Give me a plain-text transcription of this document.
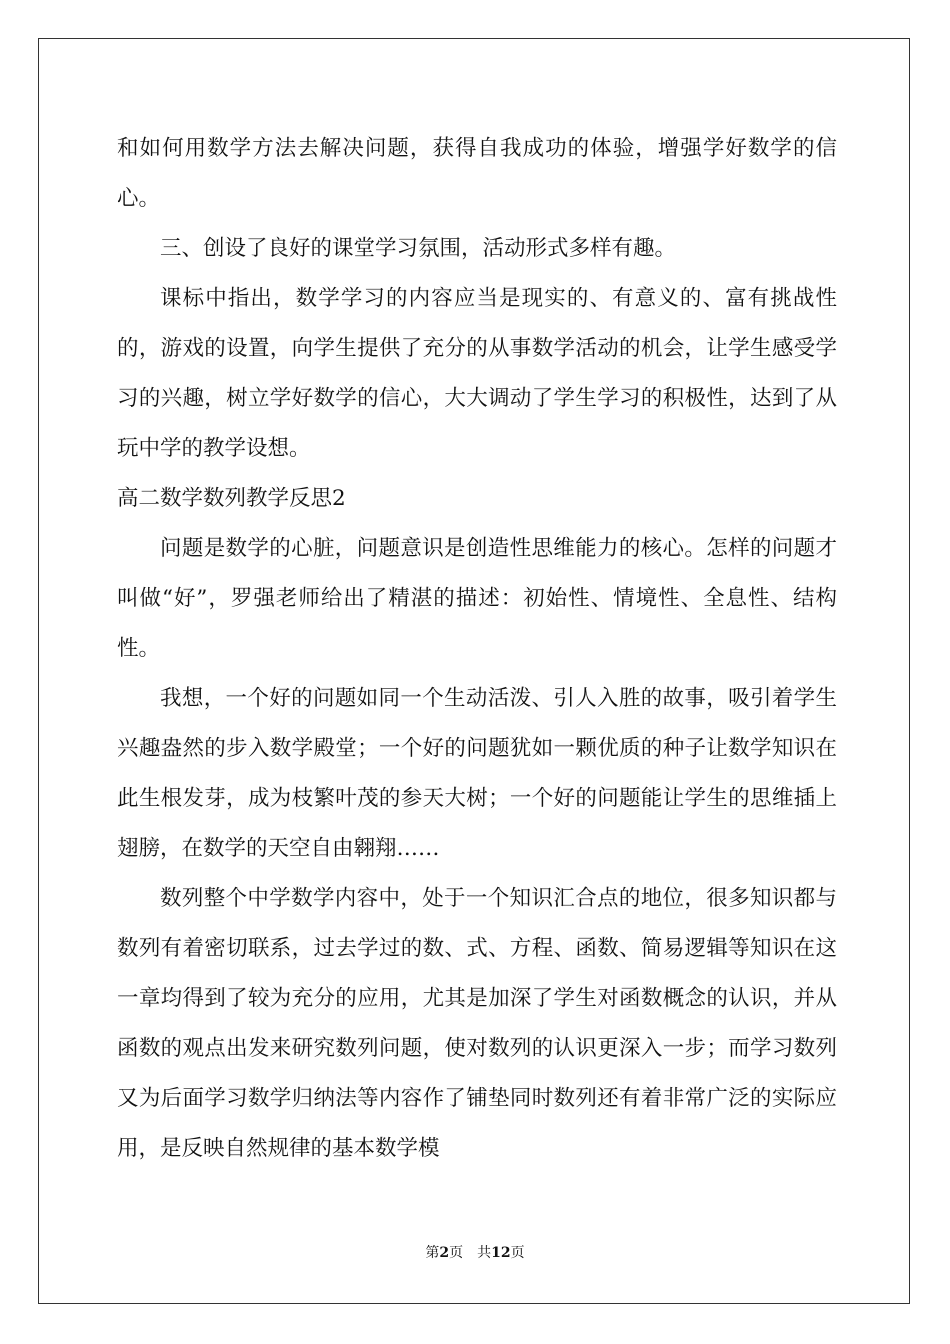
和如何用数学方法去解决问题，获得自我成功的体验，增强学好数学的信心。

三、创设了良好的课堂学习氛围，活动形式多样有趣。

课标中指出，数学学习的内容应当是现实的、有意义的、富有挑战性的，游戏的设置，向学生提供了充分的从事数学活动的机会，让学生感受学习的兴趣，树立学好数学的信心，大大调动了学生学习的积极性，达到了从玩中学的教学设想。

高二数学数列教学反思2

问题是数学的心脏，问题意识是创造性思维能力的核心。怎样的问题才叫做“好”，罗强老师给出了精湛的描述：初始性、情境性、全息性、结构性。

我想，一个好的问题如同一个生动活泼、引人入胜的故事，吸引着学生兴趣盎然的步入数学殿堂；一个好的问题犹如一颗优质的种子让数学知识在此生根发芽，成为枝繁叶茂的参天大树；一个好的问题能让学生的思维插上翅膀，在数学的天空自由翱翔……

数列整个中学数学内容中，处于一个知识汇合点的地位，很多知识都与数列有着密切联系，过去学过的数、式、方程、函数、简易逻辑等知识在这一章均得到了较为充分的应用，尤其是加深了学生对函数概念的认识，并从函数的观点出发来研究数列问题，使对数列的认识更深入一步；而学习数列又为后面学习数学归纳法等内容作了铺垫同时数列还有着非常广泛的实际应用，是反映自然规律的基本数学模

第2页 共12页
